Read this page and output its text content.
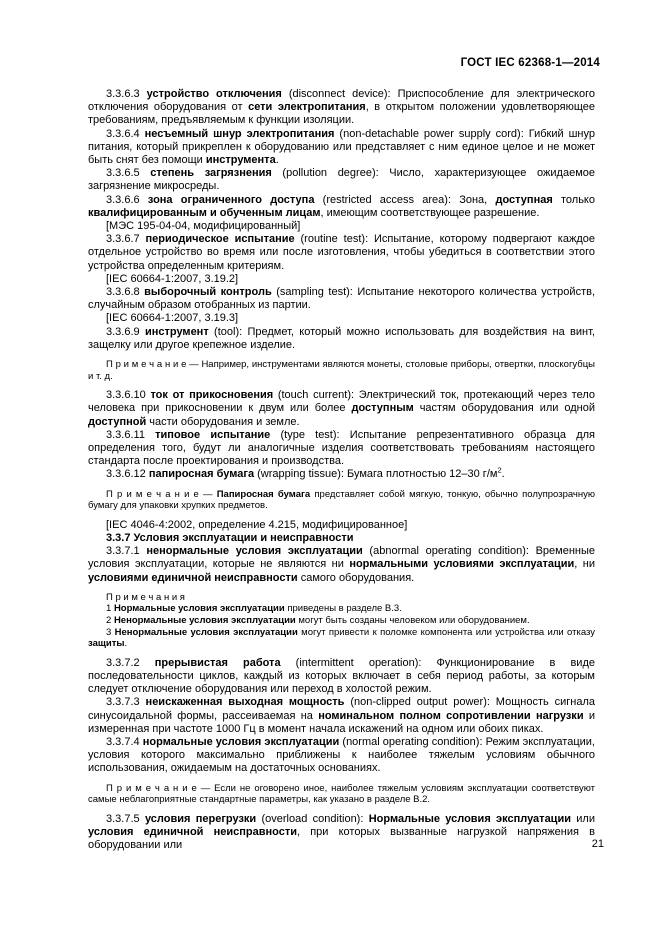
ГОСТ IEC 62368-1—2014

3.3.6.3 устройство отключения (disconnect device): Приспособление для электрического отключения оборудования от сети электропитания, в открытом положении удовлетворяющее требованиям, предъявляемым к функции изоляции.

3.3.6.4 несъемный шнур электропитания (non-detachable power supply cord): Гибкий шнур питания, который прикреплен к оборудованию или представляет с ним единое целое и не может быть снят без помощи инструмента.

3.3.6.5 степень загрязнения (pollution degree): Число, характеризующее ожидаемое загрязнение микросреды.

3.3.6.6 зона ограниченного доступа (restricted access area): Зона, доступная только квалифицированным и обученным лицам, имеющим соответствующее разрешение.

[МЭС 195-04-04, модифицированный]

3.3.6.7 периодическое испытание (routine test): Испытание, которому подвергают каждое отдельное устройство во время или после изготовления, чтобы убедиться в соответствии этого устройства определенным критериям.

[IEC 60664-1:2007, 3.19.2]

3.3.6.8 выборочный контроль (sampling test): Испытание некоторого количества устройств, случайным образом отобранных из партии.

[IEC 60664-1:2007, 3.19.3]

3.3.6.9 инструмент (tool): Предмет, который можно использовать для воздействия на винт, защелку или другое крепежное изделие.

П р и м е ч а н и е — Например, инструментами являются монеты, столовые приборы, отвертки, плоскогубцы и т. д.

3.3.6.10 ток от прикосновения (touch current): Электрический ток, протекающий через тело человека при прикосновении к двум или более доступным частям оборудования или одной доступной части оборудования и земле.

3.3.6.11 типовое испытание (type test): Испытание репрезентативного образца для определения того, будут ли аналогичные изделия соответствовать требованиям настоящего стандарта после проектирования и производства.

3.3.6.12 папиросная бумага (wrapping tissue): Бумага плотностью 12–30 $г/м^2$.

П р и м е ч а н и е — Папиросная бумага представляет собой мягкую, тонкую, обычно полупрозрачную бумагу для упаковки хрупких предметов.

[IEC 4046-4:2002, определение 4.215, модифицированное]

3.3.7 Условия эксплуатации и неисправности

3.3.7.1 ненормальные условия эксплуатации (abnormal operating condition): Временные условия эксплуатации, которые не являются ни нормальными условиями эксплуатации, ни условиями единичной неисправности самого оборудования.

П р и м е ч а н и я

1 Нормальные условия эксплуатации приведены в разделе В.3.

2 Ненормальные условия эксплуатации могут быть созданы человеком или оборудованием.

3 Ненормальные условия эксплуатации могут привести к поломке компонента или устройства или отказу защиты.

3.3.7.2 прерывистая работа (intermittent operation): Функционирование в виде последовательности циклов, каждый из которых включает в себя период работы, за которым следует отключение оборудования или переход в холостой режим.

3.3.7.3 неискаженная выходная мощность (non-clipped output power): Мощность сигнала синусоидальной формы, рассеиваемая на номинальном полном сопротивлении нагрузки и измеренная при частоте 1000 Гц в момент начала искажений на одном или обоих пиках.

3.3.7.4 нормальные условия эксплуатации (normal operating condition): Режим эксплуатации, условия которого максимально приближены к наиболее тяжелым условиям обычного использования, ожидаемым на достаточных основаниях.

П р и м е ч а н и е — Если не оговорено иное, наиболее тяжелым условиям эксплуатации соответствуют самые неблагоприятные стандартные параметры, как указано в разделе В.2.

3.3.7.5 условия перегрузки (overload condition): Нормальные условия эксплуатации или условия единичной неисправности, при которых вызванные нагрузкой напряжения в оборудовании или	21
